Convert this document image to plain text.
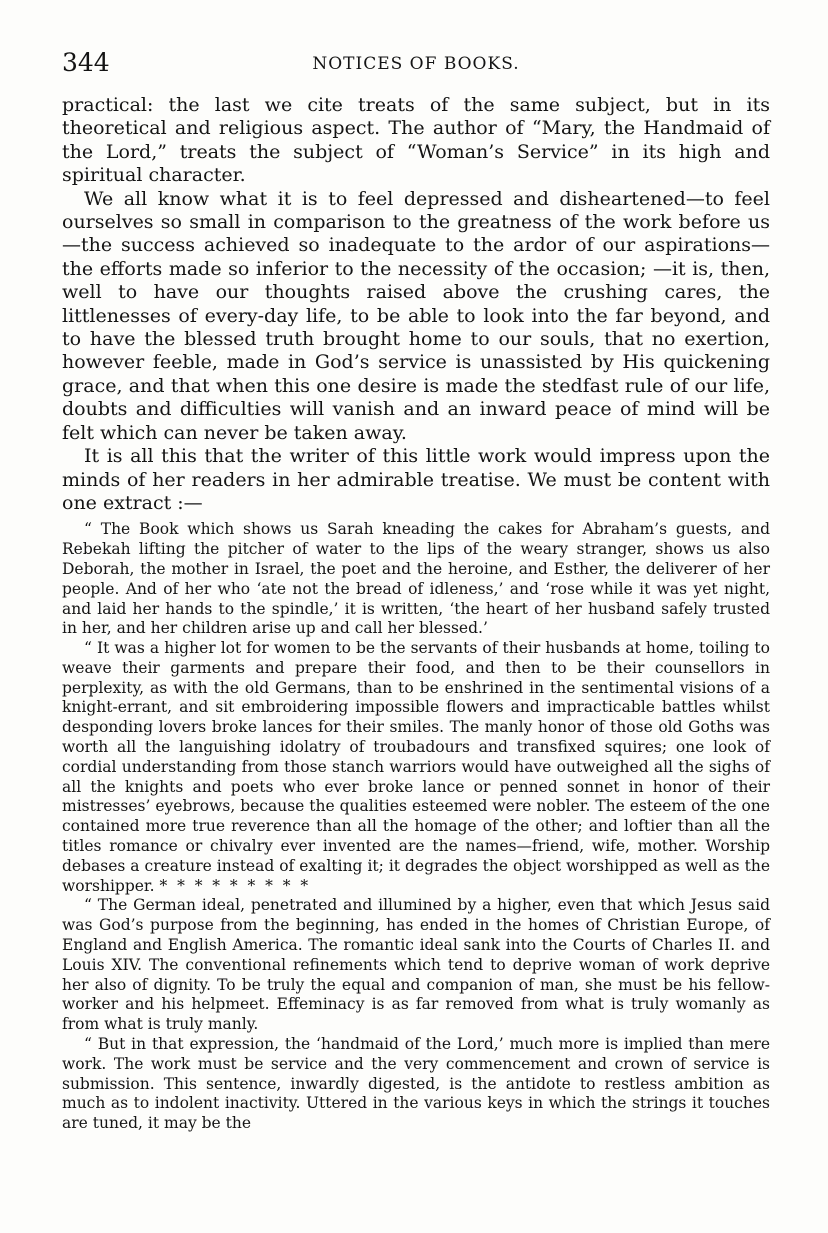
344	NOTICES OF BOOKS.

practical: the last we cite treats of the same subject, but in its theoretical and religious aspect. The author of “Mary, the Handmaid of the Lord,” treats the subject of “Woman’s Service” in its high and spiritual character.

We all know what it is to feel depressed and disheartened—to feel ourselves so small in comparison to the greatness of the work before us—the success achieved so inadequate to the ardor of our aspirations—the efforts made so inferior to the necessity of the occasion; —it is, then, well to have our thoughts raised above the crushing cares, the littlenesses of every-day life, to be able to look into the far beyond, and to have the blessed truth brought home to our souls, that no exertion, however feeble, made in God’s service is unassisted by His quickening grace, and that when this one desire is made the stedfast rule of our life, doubts and difficulties will vanish and an inward peace of mind will be felt which can never be taken away.

It is all this that the writer of this little work would impress upon the minds of her readers in her admirable treatise. We must be content with one extract :—

“ The Book which shows us Sarah kneading the cakes for Abraham’s guests, and Rebekah lifting the pitcher of water to the lips of the weary stranger, shows us also Deborah, the mother in Israel, the poet and the heroine, and Esther, the deliverer of her people. And of her who ‘ate not the bread of idleness,’ and ‘rose while it was yet night, and laid her hands to the spindle,’ it is written, ‘the heart of her husband safely trusted in her, and her children arise up and call her blessed.’

“ It was a higher lot for women to be the servants of their husbands at home, toiling to weave their garments and prepare their food, and then to be their counsellors in perplexity, as with the old Germans, than to be enshrined in the sentimental visions of a knight-errant, and sit embroidering impossible flowers and impracticable battles whilst desponding lovers broke lances for their smiles. The manly honor of those old Goths was worth all the languishing idolatry of troubadours and transfixed squires; one look of cordial understanding from those stanch warriors would have outweighed all the sighs of all the knights and poets who ever broke lance or penned sonnet in honor of their mistresses’ eyebrows, because the qualities esteemed were nobler. The esteem of the one contained more true reverence than all the homage of the other; and loftier than all the titles romance or chivalry ever invented are the names—friend, wife, mother. Worship debases a creature instead of exalting it; it degrades the object worshipped as well as the worshipper. *  *  *  *  *  *  *  *  *

“ The German ideal, penetrated and illumined by a higher, even that which Jesus said was God’s purpose from the beginning, has ended in the homes of Christian Europe, of England and English America. The romantic ideal sank into the Courts of Charles II. and Louis XIV. The conventional refinements which tend to deprive woman of work deprive her also of dignity. To be truly the equal and companion of man, she must be his fellow-worker and his helpmeet. Effeminacy is as far removed from what is truly womanly as from what is truly manly.

“ But in that expression, the ‘handmaid of the Lord,’ much more is implied than mere work. The work must be service and the very commencement and crown of service is submission. This sentence, inwardly digested, is the antidote to restless ambition as much as to indolent inactivity. Uttered in the various keys in which the strings it touches are tuned, it may be the
